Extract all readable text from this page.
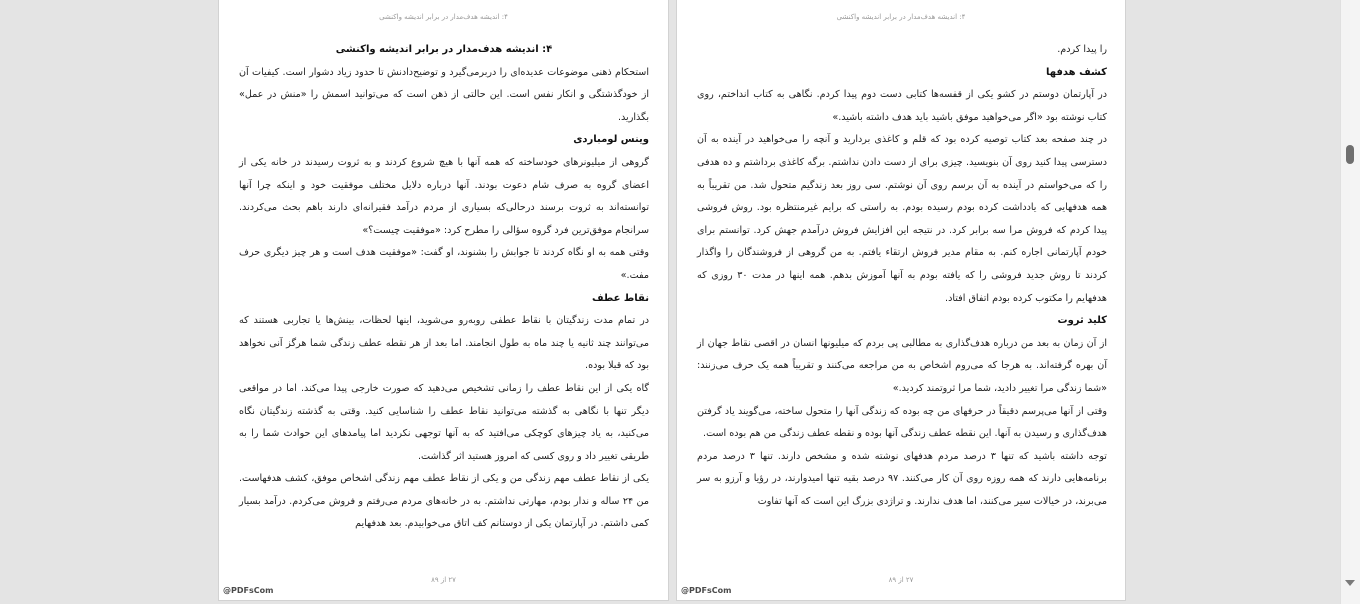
۴: اندیشه هدف‌مدار در برابر اندیشه واکنشی
۴: اندیشه هدف‌مدار در برابر اندیشه واکنشی

استحکام ذهنی موضوعات عدیده‌ای را دربرمی‌گیرد و توضیح‌دادنش تا حدود زیاد دشوار است. کیفیات آن از خودگذشتگی و انکار نفس است. این حالتی از ذهن است که می‌توانید اسمش را «منش در عمل» بگذارید.

وینس لومباردی

گروهی از میلیونرهای خودساخته که همه آنها با هیچ شروع کردند و به ثروت رسیدند در خانه یکی از اعضای گروه به صرف شام دعوت بودند. آنها درباره دلایل مختلف موفقیت خود و اینکه چرا آنها توانسته‌اند به ثروت برسند درحالی‌که بسیاری از مردم درآمد فقیرانه‌ای دارند باهم بحث می‌کردند. سرانجام موفق‌ترین فرد گروه سؤالی را مطرح کرد: «موفقیت چیست؟»

وقتی همه به او نگاه کردند تا جوابش را بشنوند، او گفت: «موفقیت هدف است و هر چیز دیگری حرف مفت.»

نقاط عطف

در تمام مدت زندگیتان با نقاط عطفی روبه‌رو می‌شوید، اینها لحظات، بینش‌ها یا تجاربی هستند که می‌توانند چند ثانیه یا چند ماه به طول انجامند. اما بعد از هر نقطه عطف زندگی شما هرگز آنی نخواهد بود که قبلا بوده.

گاه یکی از این نقاط عطف را زمانی تشخیص می‌دهید که صورت خارجی پیدا می‌کند. اما در مواقعی دیگر تنها با نگاهی به گذشته می‌توانید نقاط عطف را شناسایی کنید. وقتی به گذشته زندگیتان نگاه می‌کنید، به یاد چیزهای کوچکی می‌افتید که به آنها توجهی نکردید اما پیامدهای این حوادث شما را به طریقی تغییر داد و روی کسی که امروز هستید اثر گذاشت.

یکی از نقاط عطف مهم زندگی من و یکی از نقاط عطف مهم زندگی اشخاص موفق، کشف هدفهاست. من ۲۴ ساله و ندار بودم، مهارتی نداشتم. به در خانه‌های مردم می‌رفتم و فروش می‌کردم. درآمد بسیار کمی داشتم. در آپارتمان یکی از دوستانم کف اتاق می‌خوابیدم. بعد هدفهایم

۲۷ از ۸۹
@PDFsCom
۴: اندیشه هدف‌مدار در برابر اندیشه واکنشی

را پیدا کردم.

کشف هدفها

در آپارتمان دوستم در کشو یکی از قفسه‌ها کتابی دست دوم پیدا کردم. نگاهی به کتاب انداختم، روی کتاب نوشته بود «اگر می‌خواهید موفق باشید باید هدف داشته باشید.»

در چند صفحه بعد کتاب توصیه کرده بود که قلم و کاغذی بردارید و آنچه را می‌خواهید در آینده به آن دسترسی پیدا کنید روی آن بنویسید. چیزی برای از دست دادن نداشتم. برگه کاغذی برداشتم و ده هدفی را که می‌خواستم در آینده به آن برسم روی آن نوشتم. سی روز بعد زندگیم متحول شد. من تقریباً به همه هدفهایی که یادداشت کرده بودم رسیده بودم. به راستی که برایم غیرمنتظره بود. روش فروشی پیدا کردم که فروش مرا سه برابر کرد. در نتیجه این افزایش فروش درآمدم جهش کرد. توانستم برای خودم آپارتمانی اجاره کنم. به مقام مدیر فروش ارتقاء یافتم. به من گروهی از فروشندگان را واگذار کردند تا روش جدید فروشی را که یافته بودم به آنها آموزش بدهم. همه اینها در مدت ۳۰ روزی که هدفهایم را مکتوب کرده بودم اتفاق افتاد.

کلید ثروت

از آن زمان به بعد من درباره هدف‌گذاری به مطالبی پی بردم که میلیونها انسان در اقصی نقاط جهان از آن بهره گرفته‌اند. به هرجا که می‌روم اشخاص به من مراجعه می‌کنند و تقریباً همه یک حرف می‌زنند: «شما زندگی مرا تغییر دادید، شما مرا ثروتمند کردید.»

وقتی از آنها می‌پرسم دقیقاً در حرفهای من چه بوده که زندگی آنها را متحول ساخته، می‌گویند یاد گرفتن هدف‌گذاری و رسیدن به آنها. این نقطه عطف زندگی آنها بوده و نقطه عطف زندگی من هم بوده است.

توجه داشته باشید که تنها ۳ درصد مردم هدفهای نوشته شده و مشخص دارند. تنها ۳ درصد مردم برنامه‌هایی دارند که همه روزه روی آن کار می‌کنند. ۹۷ درصد بقیه تنها امیدوارند، در رؤیا و آرزو به سر می‌برند، در خیالات سیر می‌کنند، اما هدف ندارند. و تراژدی بزرگ این است که آنها تفاوت

۲۷ از ۸۹
@PDFsCom
